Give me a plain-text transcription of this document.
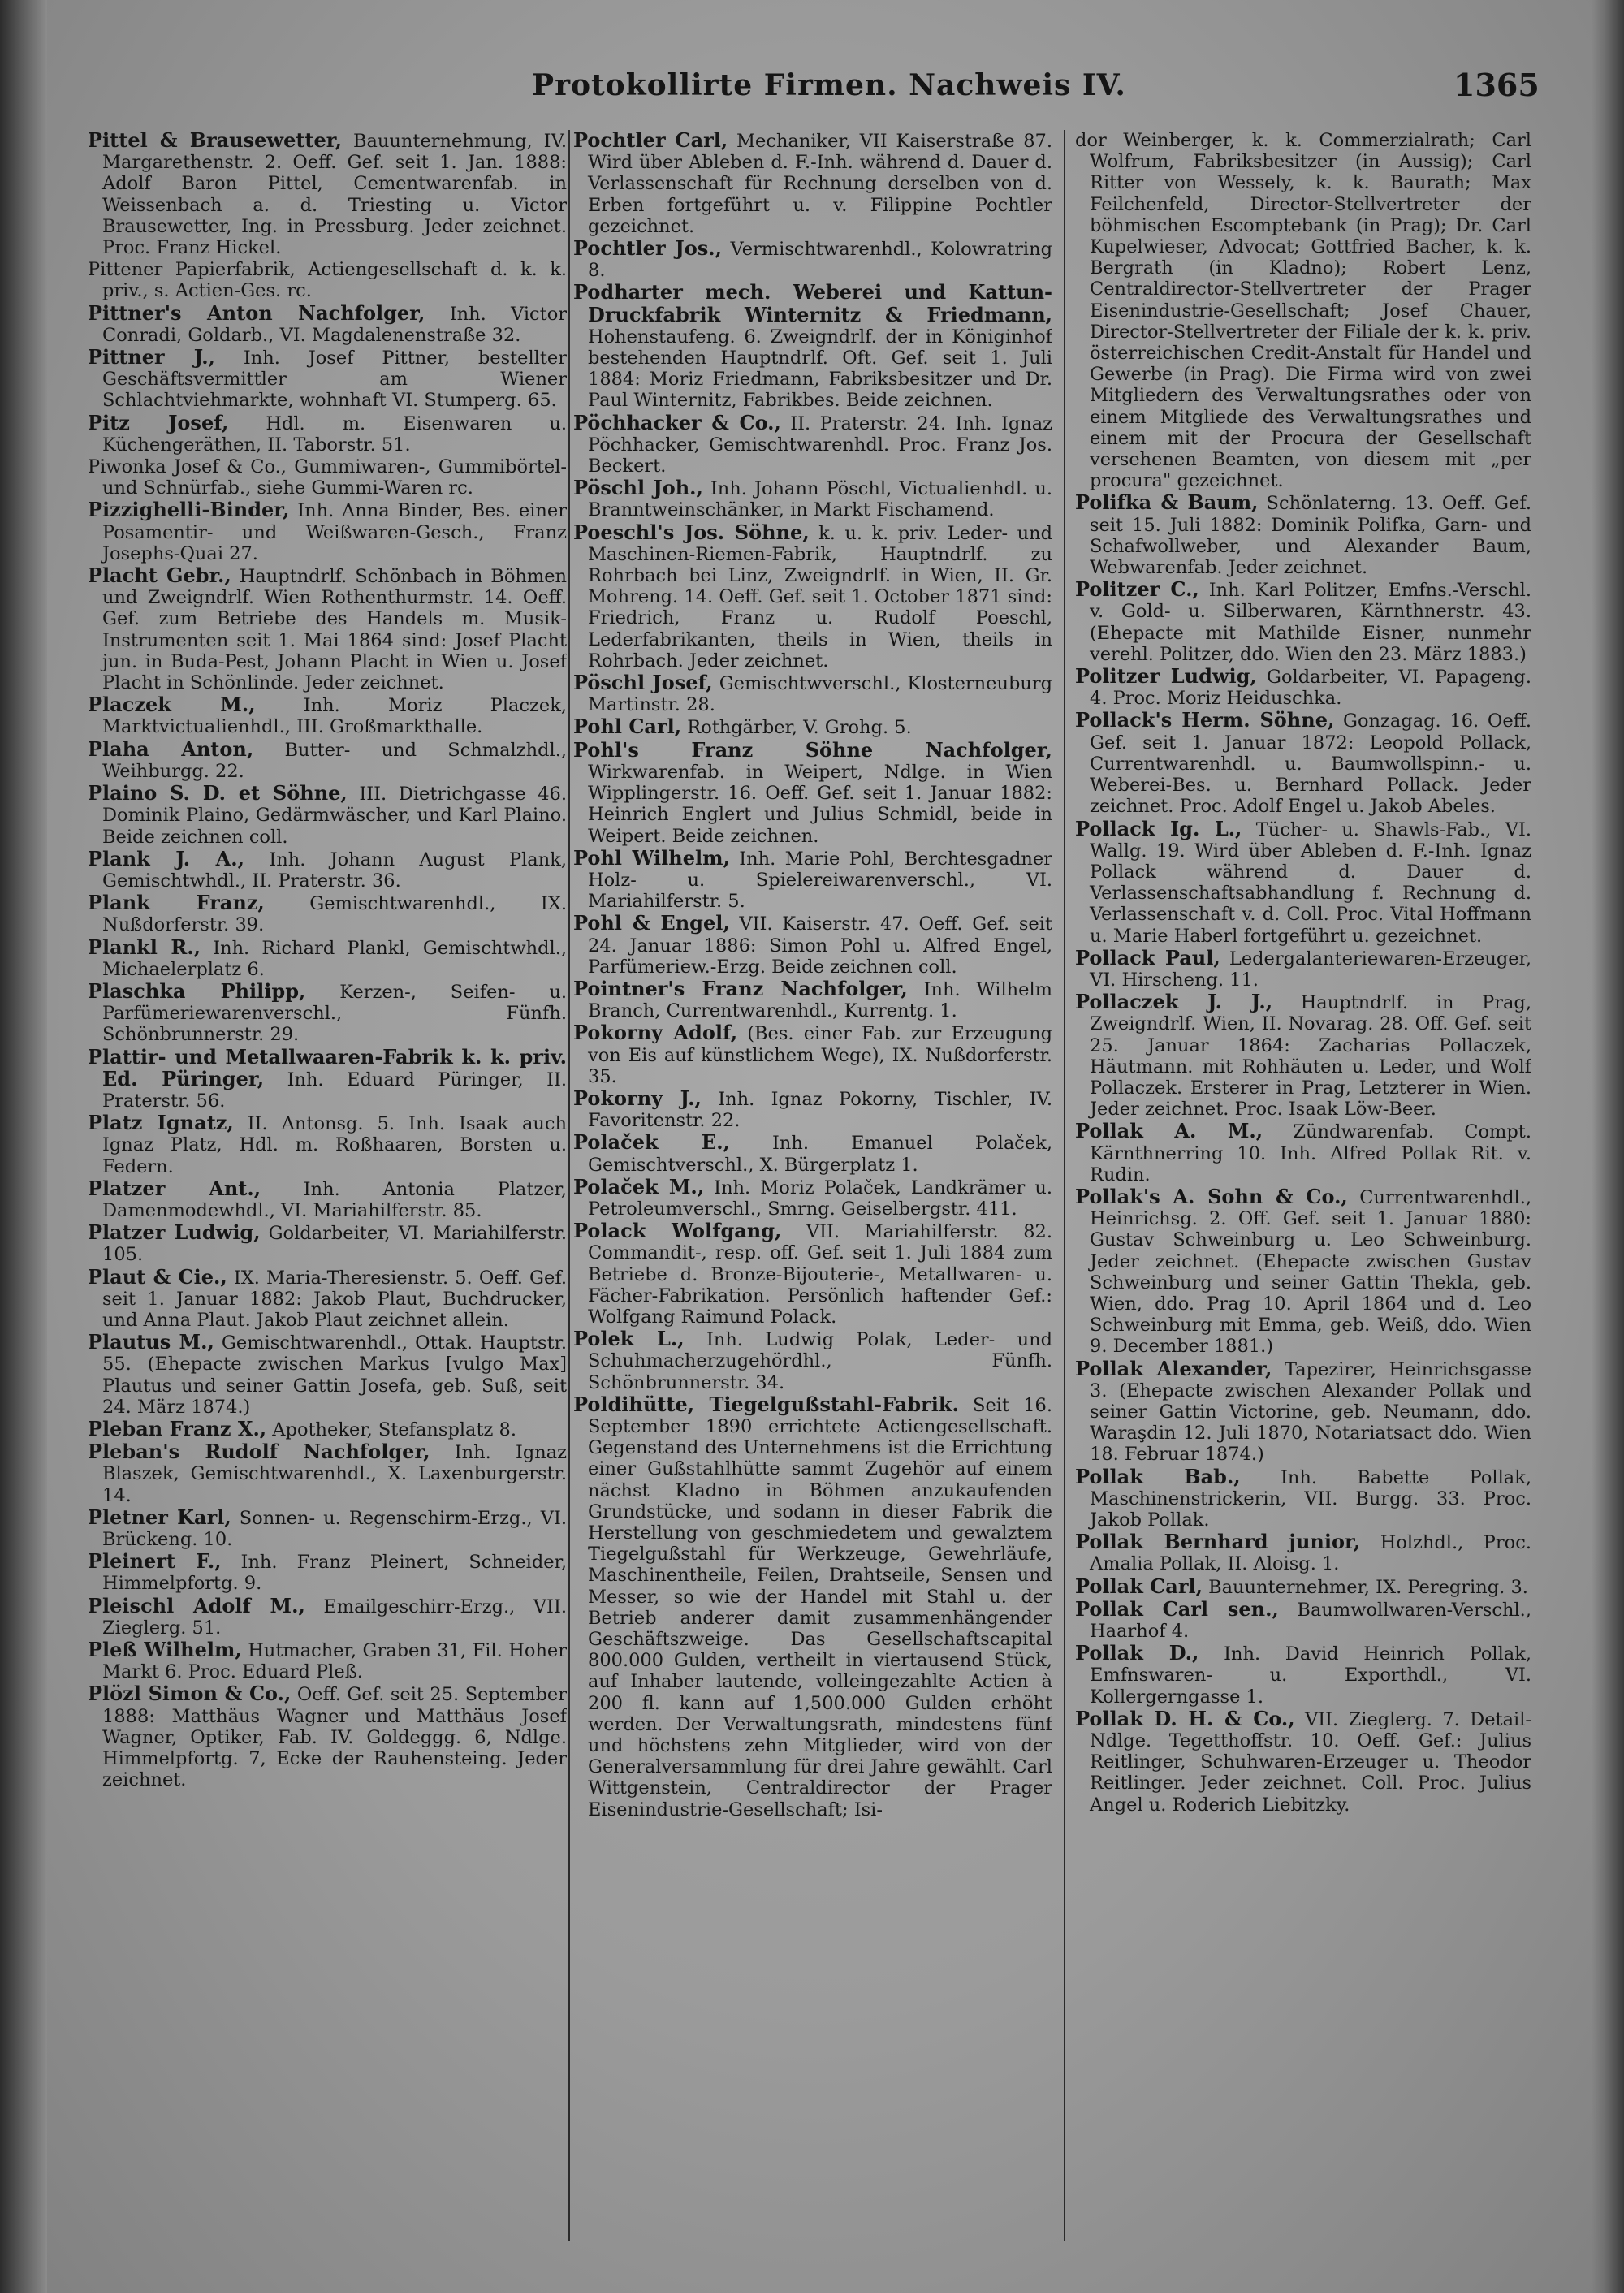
Protokollirte Firmen. Nachweis IV.	1365

Pittel & Brausewetter, Bauunternehmung, IV. Margarethenstr. 2. Oeff. Gef. seit 1. Jan. 1888: Adolf Baron Pittel, Cementwarenfab. in Weissenbach a. d. Triesting u. Victor Brausewetter, Ing. in Pressburg. Jeder zeichnet. Proc. Franz Hickel.

Pittener Papierfabrik, Actiengesellschaft d. k. k. priv., s. Actien-Ges. rc.

Pittner's Anton Nachfolger, Inh. Victor Conradi, Goldarb., VI. Magdalenenstraße 32.

Pittner J., Inh. Josef Pittner, bestellter Geschäftsvermittler am Wiener Schlachtviehmarkte, wohnhaft VI. Stumperg. 65.

Pitz Josef, Hdl. m. Eisenwaren u. Küchengeräthen, II. Taborstr. 51.

Piwonka Josef & Co., Gummiwaren-, Gummibörtel- und Schnürfab., siehe Gummi-Waren rc.

Pizzighelli-Binder, Inh. Anna Binder, Bes. einer Posamentir- und Weißwaren-Gesch., Franz Josephs-Quai 27.

Placht Gebr., Hauptndrlf. Schönbach in Böhmen und Zweigndrlf. Wien Rothenthurmstr. 14. Oeff. Gef. zum Betriebe des Handels m. Musik-Instrumenten seit 1. Mai 1864 sind: Josef Placht jun. in Buda-Pest, Johann Placht in Wien u. Josef Placht in Schönlinde. Jeder zeichnet.

Placzek M., Inh. Moriz Placzek, Marktvictualienhdl., III. Großmarkthalle.

Plaha Anton, Butter- und Schmalzhdl., Weihburgg. 22.

Plaino S. D. et Söhne, III. Dietrichgasse 46. Dominik Plaino, Gedärmwäscher, und Karl Plaino. Beide zeichnen coll.

Plank J. A., Inh. Johann August Plank, Gemischtwhdl., II. Praterstr. 36.

Plank Franz, Gemischtwarenhdl., IX. Nußdorferstr. 39.

Plankl R., Inh. Richard Plankl, Gemischtwhdl., Michaelerplatz 6.

Plaschka Philipp, Kerzen-, Seifen- u. Parfümeriewarenverschl., Fünfh. Schönbrunnerstr. 29.

Plattir- und Metallwaaren-Fabrik k. k. priv. Ed. Püringer, Inh. Eduard Püringer, II. Praterstr. 56.

Platz Ignatz, II. Antonsg. 5. Inh. Isaak auch Ignaz Platz, Hdl. m. Roßhaaren, Borsten u. Federn.

Platzer Ant., Inh. Antonia Platzer, Damenmodewhdl., VI. Mariahilferstr. 85.

Platzer Ludwig, Goldarbeiter, VI. Mariahilferstr. 105.

Plaut & Cie., IX. Maria-Theresienstr. 5. Oeff. Gef. seit 1. Januar 1882: Jakob Plaut, Buchdrucker, und Anna Plaut. Jakob Plaut zeichnet allein.

Plautus M., Gemischtwarenhdl., Ottak. Hauptstr. 55. (Ehepacte zwischen Markus [vulgo Max] Plautus und seiner Gattin Josefa, geb. Suß, seit 24. März 1874.)

Pleban Franz X., Apotheker, Stefansplatz 8.

Pleban's Rudolf Nachfolger, Inh. Ignaz Blaszek, Gemischtwarenhdl., X. Laxenburgerstr. 14.

Pletner Karl, Sonnen- u. Regenschirm-Erzg., VI. Brückeng. 10.

Pleinert F., Inh. Franz Pleinert, Schneider, Himmelpfortg. 9.

Pleischl Adolf M., Emailgeschirr-Erzg., VII. Zieglerg. 51.

Pleß Wilhelm, Hutmacher, Graben 31, Fil. Hoher Markt 6. Proc. Eduard Pleß.

Plözl Simon & Co., Oeff. Gef. seit 25. September 1888: Matthäus Wagner und Matthäus Josef Wagner, Optiker, Fab. IV. Goldeggg. 6, Ndlge. Himmelpfortg. 7, Ecke der Rauhensteing. Jeder zeichnet.

Pochtler Carl, Mechaniker, VII Kaiserstraße 87. Wird über Ableben d. F.-Inh. während d. Dauer d. Verlassenschaft für Rechnung derselben von d. Erben fortgeführt u. v. Filippine Pochtler gezeichnet.

Pochtler Jos., Vermischtwarenhdl., Kolowratring 8.

Podharter mech. Weberei und Kattun-Druckfabrik Winternitz & Friedmann, Hohenstaufeng. 6. Zweigndrlf. der in Königinhof bestehenden Hauptndrlf. Oft. Gef. seit 1. Juli 1884: Moriz Friedmann, Fabriksbesitzer und Dr. Paul Winternitz, Fabrikbes. Beide zeichnen.

Pöchhacker & Co., II. Praterstr. 24. Inh. Ignaz Pöchhacker, Gemischtwarenhdl. Proc. Franz Jos. Beckert.

Pöschl Joh., Inh. Johann Pöschl, Victualienhdl. u. Branntweinschänker, in Markt Fischamend.

Poeschl's Jos. Söhne, k. u. k. priv. Leder- und Maschinen-Riemen-Fabrik, Hauptndrlf. zu Rohrbach bei Linz, Zweigndrlf. in Wien, II. Gr. Mohreng. 14. Oeff. Gef. seit 1. October 1871 sind: Friedrich, Franz u. Rudolf Poeschl, Lederfabrikanten, theils in Wien, theils in Rohrbach. Jeder zeichnet.

Pöschl Josef, Gemischtwverschl., Klosterneuburg Martinstr. 28.

Pohl Carl, Rothgärber, V. Grohg. 5.

Pohl's Franz Söhne Nachfolger, Wirkwarenfab. in Weipert, Ndlge. in Wien Wipplingerstr. 16. Oeff. Gef. seit 1. Januar 1882: Heinrich Englert und Julius Schmidl, beide in Weipert. Beide zeichnen.

Pohl Wilhelm, Inh. Marie Pohl, Berchtesgadner Holz- u. Spielereiwarenverschl., VI. Mariahilferstr. 5.

Pohl & Engel, VII. Kaiserstr. 47. Oeff. Gef. seit 24. Januar 1886: Simon Pohl u. Alfred Engel, Parfümeriew.-Erzg. Beide zeichnen coll.

Pointner's Franz Nachfolger, Inh. Wilhelm Branch, Currentwarenhdl., Kurrentg. 1.

Pokorny Adolf, (Bes. einer Fab. zur Erzeugung von Eis auf künstlichem Wege), IX. Nußdorferstr. 35.

Pokorny J., Inh. Ignaz Pokorny, Tischler, IV. Favoritenstr. 22.

Polaček E., Inh. Emanuel Polaček, Gemischtverschl., X. Bürgerplatz 1.

Polaček M., Inh. Moriz Polaček, Landkrämer u. Petroleumverschl., Smrng. Geiselbergstr. 411.

Polack Wolfgang, VII. Mariahilferstr. 82. Commandit-, resp. off. Gef. seit 1. Juli 1884 zum Betriebe d. Bronze-Bijouterie-, Metallwaren- u. Fächer-Fabrikation. Persönlich haftender Gef.: Wolfgang Raimund Polack.

Polek L., Inh. Ludwig Polak, Leder- und Schuhmacherzugehördhl., Fünfh. Schönbrunnerstr. 34.

Poldihütte, Tiegelgußstahl-Fabrik. Seit 16. September 1890 errichtete Actiengesellschaft. Gegenstand des Unternehmens ist die Errichtung einer Gußstahlhütte sammt Zugehör auf einem nächst Kladno in Böhmen anzukaufenden Grundstücke, und sodann in dieser Fabrik die Herstellung von geschmiedetem und gewalztem Tiegelgußstahl für Werkzeuge, Gewehrläufe, Maschinentheile, Feilen, Drahtseile, Sensen und Messer, so wie der Handel mit Stahl u. der Betrieb anderer damit zusammenhängender Geschäftszweige. Das Gesellschaftscapital 800.000 Gulden, vertheilt in viertausend Stück, auf Inhaber lautende, volleingezahlte Actien à 200 fl. kann auf 1,500.000 Gulden erhöht werden. Der Verwaltungsrath, mindestens fünf und höchstens zehn Mitglieder, wird von der Generalversammlung für drei Jahre gewählt. Carl Wittgenstein, Centraldirector der Prager Eisenindustrie-Gesellschaft; Isi-

dor Weinberger, k. k. Commerzialrath; Carl Wolfrum, Fabriksbesitzer (in Aussig); Carl Ritter von Wessely, k. k. Baurath; Max Feilchenfeld, Director-Stellvertreter der böhmischen Escomptebank (in Prag); Dr. Carl Kupelwieser, Advocat; Gottfried Bacher, k. k. Bergrath (in Kladno); Robert Lenz, Centraldirector-Stellvertreter der Prager Eisenindustrie-Gesellschaft; Josef Chauer, Director-Stellvertreter der Filiale der k. k. priv. österreichischen Credit-Anstalt für Handel und Gewerbe (in Prag). Die Firma wird von zwei Mitgliedern des Verwaltungsrathes oder von einem Mitgliede des Verwaltungsrathes und einem mit der Procura der Gesellschaft versehenen Beamten, von diesem mit „per procura" gezeichnet.

Polifka & Baum, Schönlaterng. 13. Oeff. Gef. seit 15. Juli 1882: Dominik Polifka, Garn- und Schafwollweber, und Alexander Baum, Webwarenfab. Jeder zeichnet.

Politzer C., Inh. Karl Politzer, Emfns.-Verschl. v. Gold- u. Silberwaren, Kärnthnerstr. 43. (Ehepacte mit Mathilde Eisner, nunmehr verehl. Politzer, ddo. Wien den 23. März 1883.)

Politzer Ludwig, Goldarbeiter, VI. Papageng. 4. Proc. Moriz Heiduschka.

Pollack's Herm. Söhne, Gonzagag. 16. Oeff. Gef. seit 1. Januar 1872: Leopold Pollack, Currentwarenhdl. u. Baumwollspinn.- u. Weberei-Bes. u. Bernhard Pollack. Jeder zeichnet. Proc. Adolf Engel u. Jakob Abeles.

Pollack Ig. L., Tücher- u. Shawls-Fab., VI. Wallg. 19. Wird über Ableben d. F.-Inh. Ignaz Pollack während d. Dauer d. Verlassenschaftsabhandlung f. Rechnung d. Verlassenschaft v. d. Coll. Proc. Vital Hoffmann u. Marie Haberl fortgeführt u. gezeichnet.

Pollack Paul, Ledergalanteriewaren-Erzeuger, VI. Hirscheng. 11.

Pollaczek J. J., Hauptndrlf. in Prag, Zweigndrlf. Wien, II. Novarag. 28. Off. Gef. seit 25. Januar 1864: Zacharias Pollaczek, Häutmann. mit Rohhäuten u. Leder, und Wolf Pollaczek. Ersterer in Prag, Letzterer in Wien. Jeder zeichnet. Proc. Isaak Löw-Beer.

Pollak A. M., Zündwarenfab. Compt. Kärnthnerring 10. Inh. Alfred Pollak Rit. v. Rudin.

Pollak's A. Sohn & Co., Currentwarenhdl., Heinrichsg. 2. Off. Gef. seit 1. Januar 1880: Gustav Schweinburg u. Leo Schweinburg. Jeder zeichnet. (Ehepacte zwischen Gustav Schweinburg und seiner Gattin Thekla, geb. Wien, ddo. Prag 10. April 1864 und d. Leo Schweinburg mit Emma, geb. Weiß, ddo. Wien 9. December 1881.)

Pollak Alexander, Tapezirer, Heinrichsgasse 3. (Ehepacte zwischen Alexander Pollak und seiner Gattin Victorine, geb. Neumann, ddo. Waraşdin 12. Juli 1870, Notariatsact ddo. Wien 18. Februar 1874.)

Pollak Bab., Inh. Babette Pollak, Maschinenstrickerin, VII. Burgg. 33. Proc. Jakob Pollak.

Pollak Bernhard junior, Holzhdl., Proc. Amalia Pollak, II. Aloisg. 1.

Pollak Carl, Bauunternehmer, IX. Peregring. 3.

Pollak Carl sen., Baumwollwaren-Verschl., Haarhof 4.

Pollak D., Inh. David Heinrich Pollak, Emfnswaren- u. Exporthdl., VI. Kollergerngasse 1.

Pollak D. H. & Co., VII. Zieglerg. 7. Detail-Ndlge. Tegetthoffstr. 10. Oeff. Gef.: Julius Reitlinger, Schuhwaren-Erzeuger u. Theodor Reitlinger. Jeder zeichnet. Coll. Proc. Julius Angel u. Roderich Liebitzky.
